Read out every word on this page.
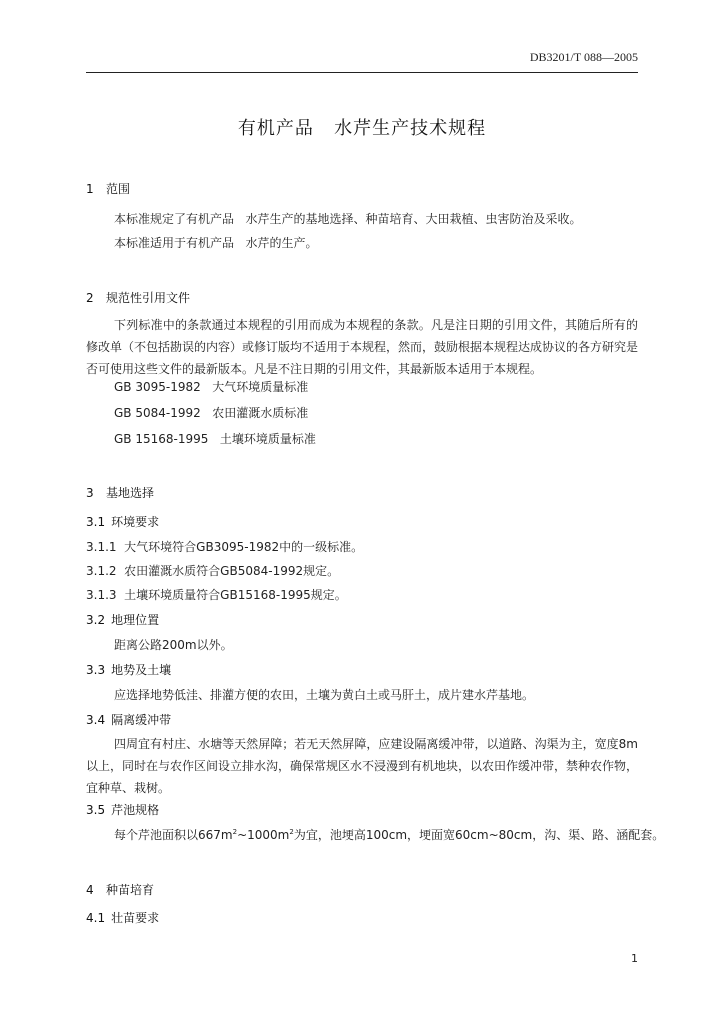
DB3201/T 088—2005
有机产品   水芹生产技术规程
1 范围
本标准规定了有机产品   水芹生产的基地选择、种苗培育、大田栽植、虫害防治及采收。
本标准适用于有机产品   水芹的生产。
2 规范性引用文件
下列标准中的条款通过本规程的引用而成为本规程的条款。凡是注日期的引用文件，其随后所有的修改单（不包括勘误的内容）或修订版均不适用于本规程，然而，鼓励根据本规程达成协议的各方研究是否可使用这些文件的最新版本。凡是不注日期的引用文件，其最新版本适用于本规程。
GB 3095-1982   大气环境质量标准
GB 5084-1992   农田灌溉水质标准
GB 15168-1995   土壤环境质量标准
3 基地选择
3.1 环境要求
3.1.1  大气环境符合GB3095-1982中的一级标准。
3.1.2  农田灌溉水质符合GB5084-1992规定。
3.1.3  土壤环境质量符合GB15168-1995规定。
3.2 地理位置
距离公路200m以外。
3.3 地势及土壤
应选择地势低洼、排灌方便的农田，土壤为黄白土或马肝土，成片建水芹基地。
3.4 隔离缓冲带
四周宜有村庄、水塘等天然屏障；若无天然屏障，应建设隔离缓冲带，以道路、沟渠为主，宽度8m以上，同时在与农作区间设立排水沟，确保常规区水不浸漫到有机地块，以农田作缓冲带，禁种农作物，宜种草、栽树。
3.5 芹池规格
每个芹池面积以$667m^2\sim 1000m^2$为宜，池埂高100cm，埂面宽60cm~80cm，沟、渠、路、涵配套。
4 种苗培育
4.1 壮苗要求
1
